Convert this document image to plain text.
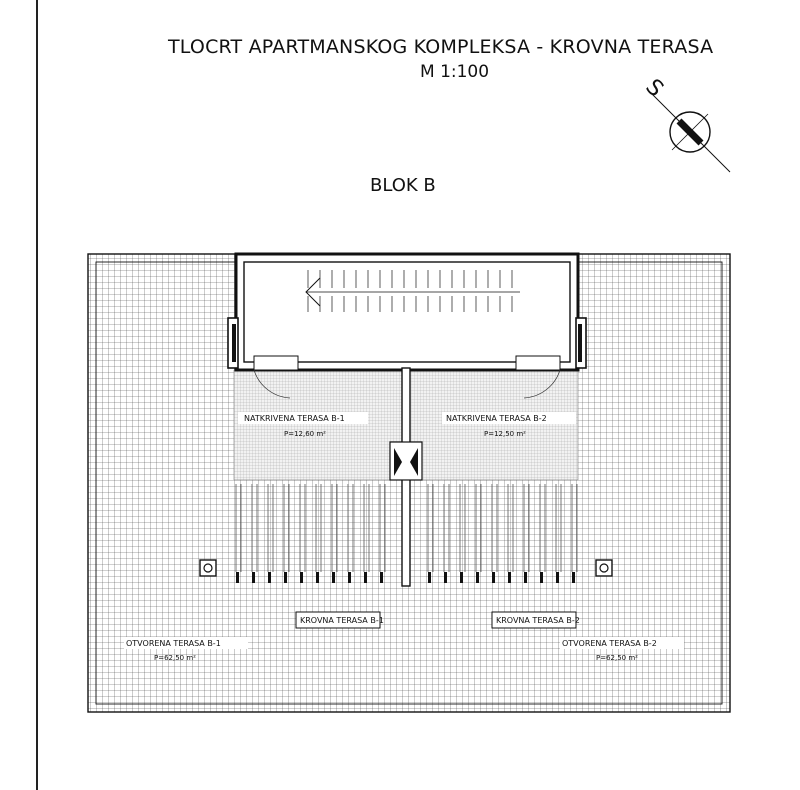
TLOCRT APARTMANSKOG KOMPLEKSA - KROVNA TERASA
M 1:100
BLOK B
S
NATKRIVENA TERASA B-1
P=12,60 m²
NATKRIVENA TERASA B-2
P=12,50 m²
KROVNA TERASA B-1	KROVNA TERASA B-2
OTVORENA TERASA B-1
P=62,50 m²
OTVORENA TERASA B-2
P=62,50 m²
